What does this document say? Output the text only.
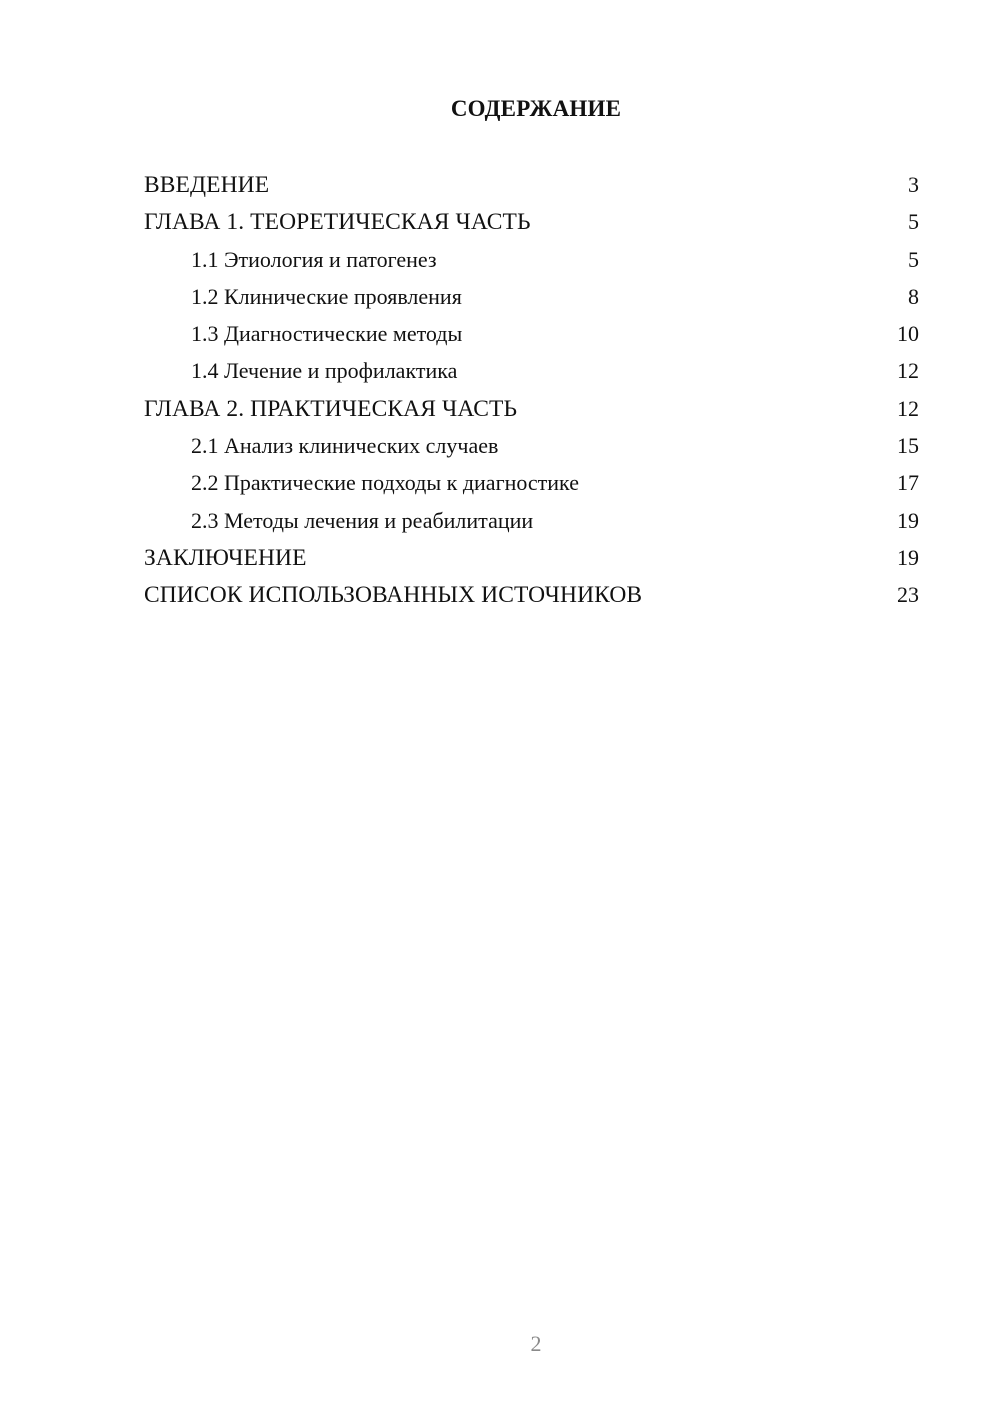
СОДЕРЖАНИЕ
ВВЕДЕНИЕ	3
ГЛАВА 1. ТЕОРЕТИЧЕСКАЯ ЧАСТЬ	5
1.1 Этиология и патогенез	5
1.2 Клинические проявления	8
1.3 Диагностические методы	10
1.4 Лечение и профилактика	12
ГЛАВА 2. ПРАКТИЧЕСКАЯ ЧАСТЬ	12
2.1 Анализ клинических случаев	15
2.2 Практические подходы к диагностике	17
2.3 Методы лечения и реабилитации	19
ЗАКЛЮЧЕНИЕ	19
СПИСОК ИСПОЛЬЗОВАННЫХ ИСТОЧНИКОВ	23
2
